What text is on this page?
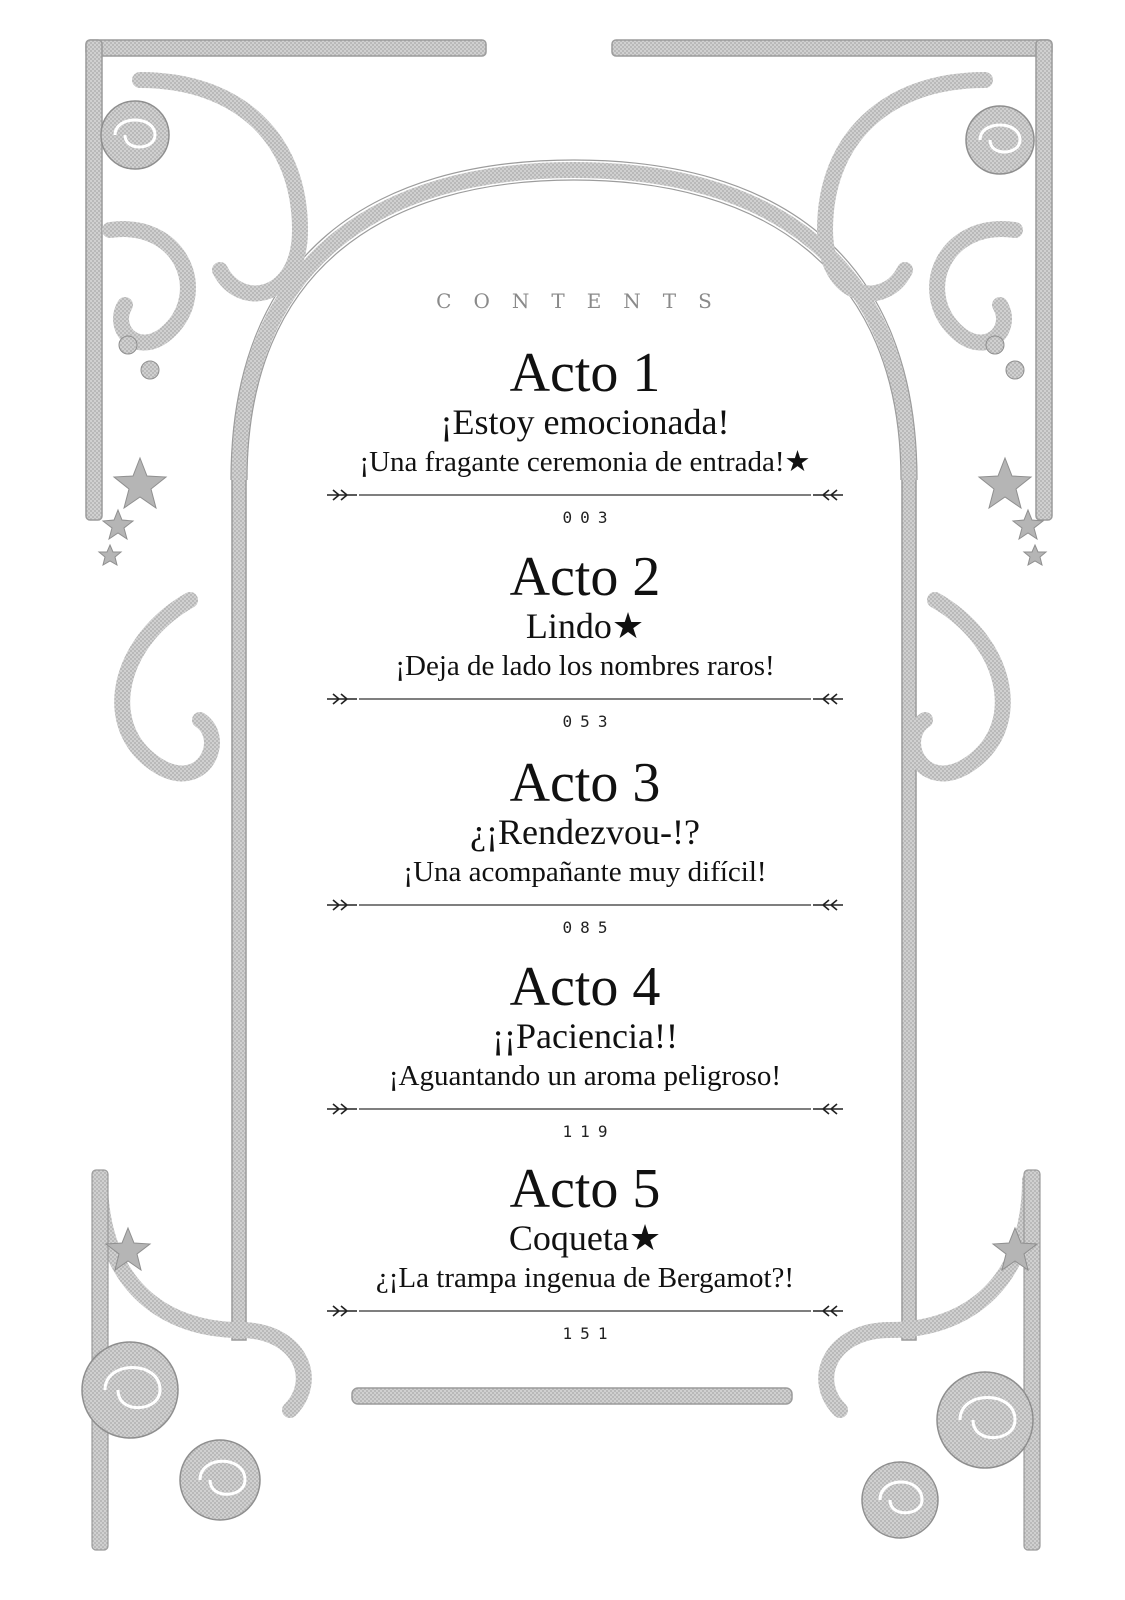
contents
Acto 1
¡Estoy emocionada!
¡Una fragante ceremonia de entrada!★
003
Acto 2
Lindo★
¡Deja de lado los nombres raros!
053
Acto 3
¿¡Rendezvou-!?
¡Una acompañante muy difícil!
085
Acto 4
¡¡Paciencia!!
¡Aguantando un aroma peligroso!
119
Acto 5
Coqueta★
¿¡La trampa ingenua de Bergamot?!
151
